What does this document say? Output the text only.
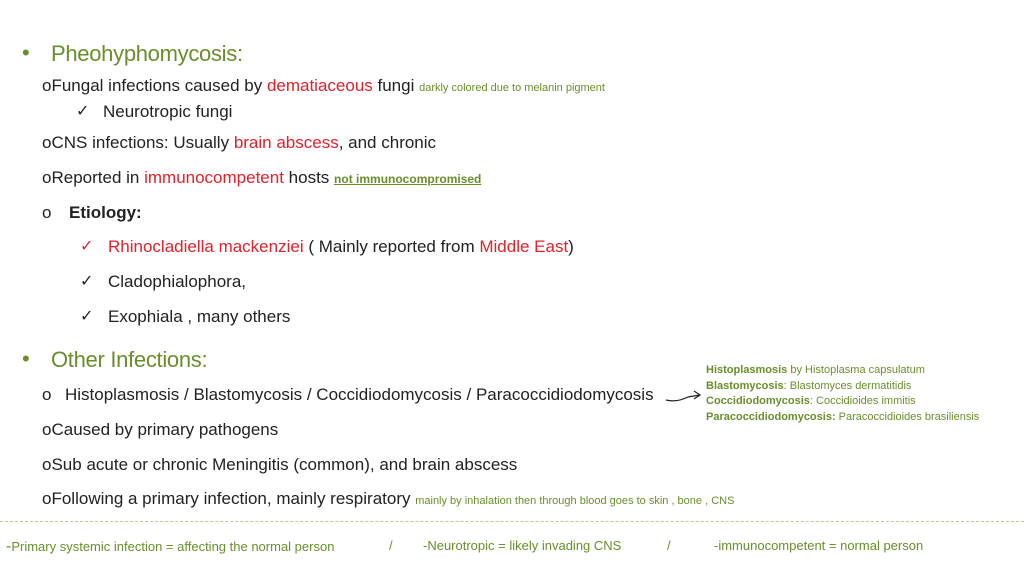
• Pheohyphomycosis:
oFungal infections caused by dematiaceous fungi darkly colored due to melanin pigment
✓ Neurotropic fungi
oCNS infections: Usually brain abscess, and chronic
oReported in immunocompetent hosts not immunocompromised
o Etiology:
✓ Rhinocladiella mackenziei ( Mainly reported from Middle East)
✓ Cladophialophora,
✓ Exophiala , many others
• Other Infections:
o Histoplasmosis / Blastomycosis / Coccidiodomycosis / Paracoccidiodomycosis
Histoplasmosis by Histoplasma capsulatum
Blastomycosis: Blastomyces dermatitidis
Coccidiodomycosis: Coccidioides immitis
Paracoccidiodomycosis: Paracoccidioides brasiliensis
oCaused by primary pathogens
oSub acute or chronic Meningitis (common), and brain abscess
oFollowing a primary infection, mainly respiratory mainly by inhalation then through blood goes to skin , bone , CNS
-Primary systemic infection = affecting the normal person	/ -Neurotropic = likely invading CNS	/	-immunocompetent = normal person
